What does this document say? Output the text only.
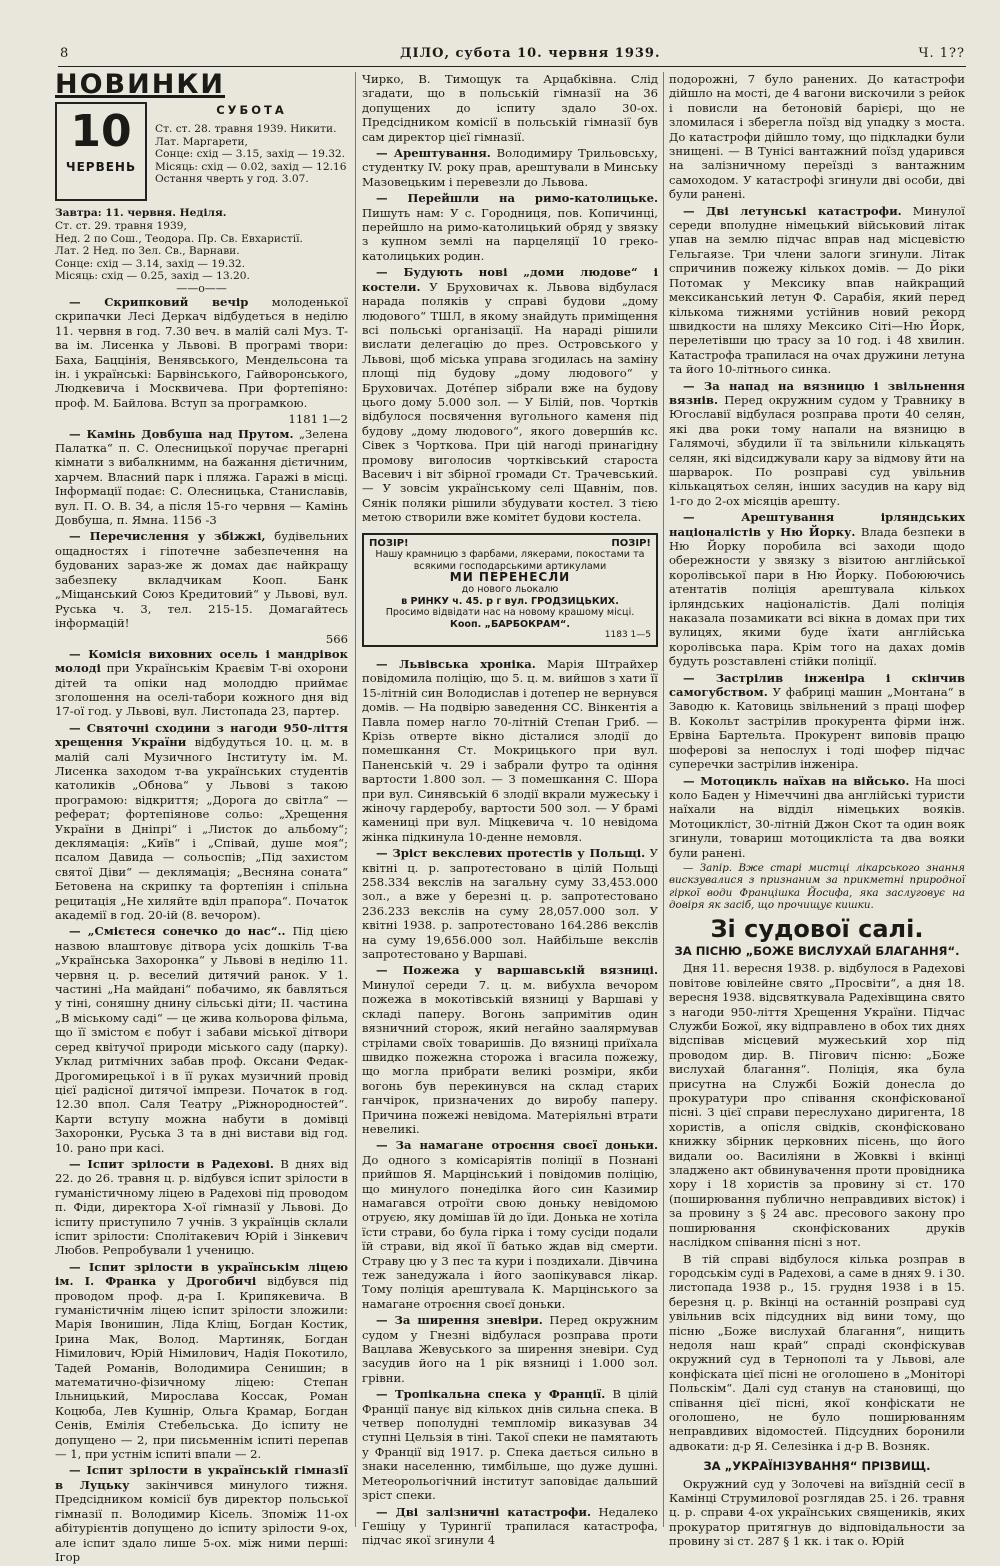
8	ДІЛО, субота 10. червня 1939.	Ч. 1??
НОВИНКИ
10
ЧЕРВЕНЬ
СУБОТА
Ст. ст. 28. травня 1939. Никити.
Лат. Маргарети,
Сонце: схід — 3.15, захід — 19.32.
Місяць: схід — 0.02, захід — 12.16
Остання чверть у год. 3.07.
Завтра: 11. червня. Неділя.
Ст. ст. 29. травня 1939,
Нед. 2 по Сош., Теодора. Пр. Св. Евхаристії.
Лат. 2 Нед. по Зел. Св., Варнави.
Сонце: схід — 3.14, захід — 19.32.
Місяць: схід — 0.25, захід — 13.20.
——о——

— Скрипковий вечір молоденької скрипачки Лесі Деркач відбудеться в неділю 11. червня в год. 7.30 веч. в малій салі Муз. Т-ва ім. Лисенка у Львові. В програмі твори: Баха, Баццінія, Венявського, Мендельсона та ін. і українські: Барвінського, Гайворонського, Людкевича і Москвичева. При фортепіяно: проф. М. Байлова. Вступ за програмкою.

1181 1—2

— Камінь Довбуша над Прутом. „Зелена Палатка“ п. С. Олесницької поручає прегарні кімнати з вибалкнимм, на бажання дієтичним, харчем. Власний парк і пляжа. Гаражі в місці. Інформації подає: С. Олесницька, Станиславів, вул. П. О. В. 34, а після 15-го червня — Камінь Довбуша, п. Ямна. 1156 -3

— Перечислення у збіжжі, будівельних ощадностях і гіпотечне забезпечення на будованих зараз-же ж домах дає найкращу забезпеку вкладчикам Кооп. Банк „Міщанський Союз Кредитовий“ у Львові, вул. Руська ч. 3, тел. 215-15. Домагайтесь інформацій!

566

— Комісія виховних осель і мандрівок молоді при Українськім Краєвім Т-ві охорони дітей та опіки над молоддю приймає зголошення на оселі-табори кожного дня від 17-ої год. у Львові, вул. Листопада 23, партер.

— Святочні сходини з нагоди 950-ліття хрещення України відбудуться 10. ц. м. в малій салі Музичного Інституту ім. М. Лисенка заходом т-ва українських студентів католиків „Обнова“ у Львові з такою програмою: відкриття; „Дорога до світла“ — реферат; фортепіянове сольо: „Хрещення України в Дніпрі“ і „Листок до альбому“; деклямація: „Київ“ і „Співай, душе моя“; псалом Давида — сольоспів; „Під захистом святої Діви“ — деклямація; „Весняна соната“ Бетовена на скрипку та фортепіян і спільна рецитація „Не хиляйте вділ прапора“. Початок академії в год. 20-ій (8. вечором).

— „Смієтеся сонечко до нас“.. Під цією назвою влаштовує дітвора усіх дошкіль Т-ва „Українська Захоронка“ у Львові в неділю 11. червня ц. р. веселий дитячий ранок. У 1. частині „На майдані“ побачимо, як бавляться у тіні, соняшну днину сільські діти; II. частина „В міському саді“ — це жива кольорова фільма, що її змістом є побут і забави міської дітвори серед квітучої природи міського саду (парку). Уклад ритмічних забав проф. Оксани Федак-Дрогомирецької і в її руках музичний провід цієї радісної дитячої імпрези. Початок в год. 12.30 впол. Саля Театру „Ріжнородностей“. Карти вступу можна набути в домівці Захоронки, Руська 3 та в дні вистави від год. 10. рано при касі.

— Іспит зрілости в Радехові. В днях від 22. до 26. травня ц. р. відбувся іспит зрілости в гуманістичному ліцею в Радехові під проводом п. Фіди, директора Х-ої гімназії у Львові. До іспиту приступило 7 учнів. З українців склали іспит зрілости: Сполітакевич Юрій і Зінкевич Любов. Репробували 1 ученицю.

— Іспит зрілости в українськім ліцею ім. І. Франка у Дрогобичі відбувся під проводом проф. д-ра І. Крипякевича. В гуманістичнім ліцею іспит зрілости зложили: Марія Івонишин, Ліда Кліщ, Богдан Костик, Ірина Мак, Волод. Мартиняк, Богдан Німилович, Юрій Німилович, Надія Покотило, Тадей Романів, Володимира Сенишин; в математично-фізичному ліцею: Степан Ільницький, Мирослава Коссак, Роман Коцюба, Лев Кушнір, Ольга Крамар, Богдан Сенів, Емілія Стебельська. До іспиту не допущено — 2, при письменнім іспиті перепав — 1, при устнім іспиті впали — 2.

— Іспит зрілости в українській гімназії в Луцьку закінчився минулого тижня. Предсідником комісії був директор польської гімназії п. Володимир Кісель. Зпоміж 11-ох абітурієнтів допущено до іспиту зрілости 9-ох, але іспит здало лише 5-ох. між ними перші: Ігор

Чирко, В. Тимощук та Арцабківна. Слід згадати, що в польській гімназії на 36 допущених до іспиту здало 30-ох. Предсідником комісії в польській гімназії був сам директор цієї гімназії.

— Арештування. Володимиру Трильовсьху, студентку IV. року прав, арештували в Минську Мазовецьким і перевезли до Львова.

— Перейшли на римо-католицьке. Пишуть нам: У с. Городниця, пов. Копичинці, перейшло на римо-католицький обряд у звязку з купном землі на парцеляції 10 греко-католицьких родин.

— Будують нові „доми людове“ і костели. У Бруховичах к. Львова відбулася нарада поляків у справі будови „дому людового“ ТШЛ, в якому знайдуть приміщення всі польські організації. На нараді рішили вислати делегацію до през. Островського у Львові, щоб міська управа згодилась на заміну площі під будову „дому людового“ у Бруховичах. Доте́пер зібрали вже на будову цього дому 5.000 зол. — У Білій, пов. Чортків відбулося посвячення вугольного каменя під будову „дому людового“, якого доверши́в кс. Сівек з Чорткова. При цій нагоді принагідну промову виголосив чортківський староста Васевич і віт збірної громади Ст. Трачевський. — У зовсім українському селі Щавнім, пов. Сянік поляки рішили збудувати костел. З тією метою створили вже комітет будови костела.

ПОЗІР!	ПОЗІР!
Нашу крамницю з фарбами, лякерами, покостами та всякими господарськими артикулами
МИ ПЕРЕНЕСЛИ
до нового льокалю
в РИНКУ ч. 45. р г вул. ГРОДЗИЦЬКИХ.
Просимо відвідати нас на новому крашому місці.
Кооп. „БАРБОКРАМ“.
1183 1—5

— Львівська хроніка. Марія Штрайхер повідомила поліцію, що 5. ц. м. вийшов з хати її 15-літній син Володислав і дотепер не вернувся домів. — На подвірю заведення СС. Вінкентія а Павла помер нагло 70-літній Степан Гриб. — Крізь отверте вікно дісталися злодії до помешкання Ст. Мокрицького при вул. Паненській ч. 29 і забрали футро та одіння вартости 1.800 зол. — З помешкання С. Шора при вул. Синявській 6 злодії вкрали мужеську і жіночу гардеробу, вартости 500 зол. — У брамі камениці при вул. Міцкевича ч. 10 невідома жінка підкинула 10-денне немовля.

— Зріст векслевих протестів у Польщі. У квітні ц. р. запротестовано в цілій Польщі 258.334 векслів на загальну суму 33,453.000 зол., а вже у березні ц. р. запротестовано 236.233 векслів на суму 28,057.000 зол. У квітні 1938. р. запротестовано 164.286 векслів на суму 19,656.000 зол. Найбільше векслів запротестовано у Варшаві.

— Пожежа у варшавській вязниці. Минулої середи 7. ц. м. вибухла вечором пожежа в мокотівській вязниці у Варшаві у складі паперу. Вогонь запримітив один вязничний сторож, який негайно заалярмував стрілами своїх товаришів. До вязниці приїхала швидко пожежна сторожа і вгасила пожежу, що могла прибрати великі розміри, якби вогонь був перекинувся на склад старих ганчірок, призначених до виробу паперу. Причина пожежі невідома. Матеріяльні втрати невеликі.

— За намагане отроєння своєї доньки. До одного з комісаріятів поліції в Познані прийшов Я. Марцінський і повідомив поліцію, що минулого понеділка його син Казимир намагався отроїти свою доньку невідомою отруєю, яку домішав їй до їди. Донька не хотіла їсти страви, бо була гірка і тому сусіди подали їй страви, від якої її батько ждав від смерти. Страву цю у 3 пес та кури і поздихали. Дівчина теж занедужала і його заопікувався лікар. Тому поліція арештувала К. Марцінського за намагане отроєння своєї доньки.

— За ширення зневіри. Перед окружним судом у Гнезні відбулася розправа проти Вацлава Жевуського за ширення зневіри. Суд засудив його на 1 рік вязниці і 1.000 зол. грівни.

— Тропікальна спека у Франції. В цілій Франції панує від кількох днів сильна спека. В четвер пополудні темпломір виказував 34 ступні Цельзія в тіні. Такої спеки не памятають у Франції від 1917. р. Спека дається сильно в знаки населенню, тимбільше, що дуже душні. Метеорольогічний інститут заповідає дальший зріст спеки.

— Дві залізничні катастрофи. Недалеко Гешіцу у Турингії трапилася катастрофа, підчас якої згинули 4

подорожні, 7 було ранених. До катастрофи дійшло на мості, де 4 вагони вискочили з рейок і повисли на бетоновій барієрі, що не зломилася і зберегла поїзд від упадку з моста. До катастрофи дійшло тому, що підкладки були знищені. — В Тунісі вантажний поїзд ударився на залізничному переїзді з вантажним самоходом. У катастрофі згинули дві особи, дві були ранені.

— Дві летунські катастрофи. Минулої середи вполудне німецький військовий літак упав на землю підчас вправ над місцевістю Гельгаязе. Три члени залоги згинули. Літак спричинив пожежу кількох домів. — До ріки Потомак у Мексику впав найкращий мексиканський летун Ф. Сарабія, який перед кількома тижнями устійнив новий рекорд швидкости на шляху Мексико Сіті—Ню Йорк, перелетівши цю трасу за 10 год. і 48 хвилин. Катастрофа трапилася на очах дружини летуна та його 10-літнього синка.

— За напад на вязницю і звільнення вязнів. Перед окружним судом у Травнику в Югославії відбулася розправа проти 40 селян, які два роки тому напали на вязницю в Галямочі, збудили її та звільнили кількацять селян, які відсиджували кару за відмову йти на шарварок. По розправі суд увільнив кількацятьох селян, інших засудив на кару від 1-го до 2-ох місяців арешту.

— Арештування ірляндських націоналістів у Ню Йорку. Влада безпеки в Ню Йорку поробила всі заходи щодо обережности у звязку з візитою англійської королівської пари в Ню Йорку. Побоюючись атентатів поліція арештувала кількох ірляндських націоналістів. Далі поліція наказала позамикати всі вікна в домах при тих вулицях, якими буде їхати англійська королівська пара. Крім того на дахах домів будуть розставлені стійки поліції.

— Застрілив інженіра і скінчив самогубством. У фабриці машин „Монтана“ в Заводю к. Катовиць звільнений з праці шофер В. Кокольт застрілив прокурента фірми інж. Ервіна Бартельта. Прокурент виповів працю шоферові за непослух і тоді шофер підчас суперечки застрілив інженіра.

— Мотоцикль наїхав на військо. На шосі коло Баден у Німеччині два англійські туристи наїхали на відділ німецьких вояків. Мотоцикліст, 30-літній Джон Скот та один вояк згинули, товариш мотоцикліста та два вояки були ранені.

— Запір. Вже старі мистці лікарського знання вискзувалися з признаним за прикметні природної гіркої води Францішка Йосифа, яка заслуговує на довіря як засіб, що прочищує кишки.

Зі судової салі.
ЗА ПІСНЮ „БОЖЕ ВИСЛУХАЙ БЛАГАННЯ“.

Дня 11. вересня 1938. р. відбулося в Радехові повітове ювілейне свято „Просвіти“, а дня 18. вересня 1938. відсвяткувала Радехівщина свято з нагоди 950-ліття Хрещення України. Підчас Служби Божої, яку відправлено в обох тих днях відспівав місцевий мужеський хор під проводом дир. В. Пігович пісню: „Боже вислухай благання“. Поліція, яка була присутна на Службі Божій донесла до прокуратури про співання сконфіскованої пісні. З цієї справи переслухано диригента, 18 хористів, а опісля свідків, сконфісковано книжку збірник церковних пісень, що його видали оо. Василіяни в Жовкві і вкінці зладжено акт обвинувачення проти провідника хору і 18 хористів за провину зі ст. 170 (поширювання публично неправдивих вісток) і за провину з § 24 авс. пресового закону про поширювання сконфіскованих друків наслідком співання пісні з нот.

В тій справі відбулося кілька розправ в городськім суді в Радехові, а саме в днях 9. і 30. листопада 1938 р., 15. грудня 1938 і в 15. березня ц. р. Вкінці на останній розправі суд увільнив всіх підсудних від вини тому, що пісню „Боже вислухай благання“, нищить недоля наш край“ спраді сконфіскував окружний суд в Тернополі та у Львові, але конфіската цієї пісні не оголошено в „Моніторі Польскім“. Далі суд станув на становищі, що співання цієї пісні, якої конфіскати не оголошено, не було поширюванням неправдивих відомостей. Підсудних боронили адвокати: д-р Я. Селезінка і д-р В. Возняк.

ЗА „УКРАЇНІЗУВАННЯ“ ПРІЗВИЩ.

Окружний суд у Золочеві на виїздній сесії в Камінці Струмилової розглядав 25. і 26. травня ц. р. справи 4-ох українських священиків, яких прокуратор притягнув до відповідальности за провину зі ст. 287 § 1 кк. і так о. Юрій
